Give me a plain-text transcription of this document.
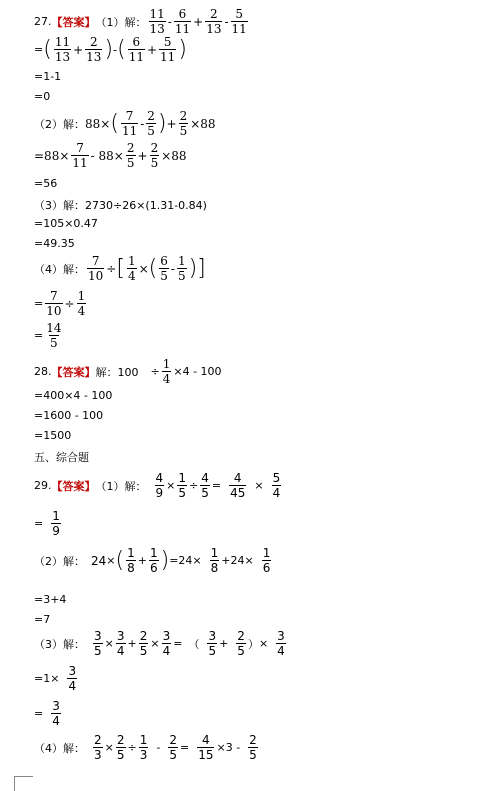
27. 【答案】 （1）解： $\frac{11}{13} - \frac{6}{11} + \frac{2}{13} - \frac{5}{11}$
= ( $\frac{11}{13} + \frac{2}{13}$ ) - ( $\frac{6}{11} + \frac{5}{11}$ )
=1-1
=0
（2）解： 88 × ( $\frac{7}{11} - \frac{2}{5}$ ) + $\frac{2}{5} \times 88$
$=88\times \frac{7}{11} - 88\times \frac{2}{5} + \frac{2}{5} \times 88$
=56
（3）解：2730÷26×(1.31-0.84)
=105×0.47
=49.35
（4）解： $\frac{7}{10}$ ÷ [ $\frac{1}{4}$ × ( $\frac{6}{5} - \frac{1}{5}$ ) ]
= $\frac{7}{10} \div \frac{1}{4}$
= $\frac{14}{5}$
28. 【答案】 解：$100 \div \frac{1}{4} \times 4 - 100$
=400×4 - 100
=1600 - 100
=1500
五、综合题
29. 【答案】 （1）解： $\frac{4}{9} \times \frac{1}{5} \div \frac{4}{5} = \frac{4}{45} \times \frac{5}{4}$
= $\frac{1}{9}$
（2）解： 24 × ( $\frac{1}{8} + \frac{1}{6}$ ) $=24\times \frac{1}{8} +24\times \frac{1}{6}$
=3+4
=7
（3）解： $\frac{3}{5} \times \frac{3}{4} + \frac{2}{5} \times \frac{3}{4}$ = （ $\frac{3}{5} + \frac{2}{5}$ ） × $\frac{3}{4}$
$=1\times \frac{3}{4}$
= $\frac{3}{4}$
（4）解： $\frac{2}{3} \times \frac{2}{5} \div \frac{1}{3} - \frac{2}{5} = \frac{4}{15} \times 3 - \frac{2}{5}$
